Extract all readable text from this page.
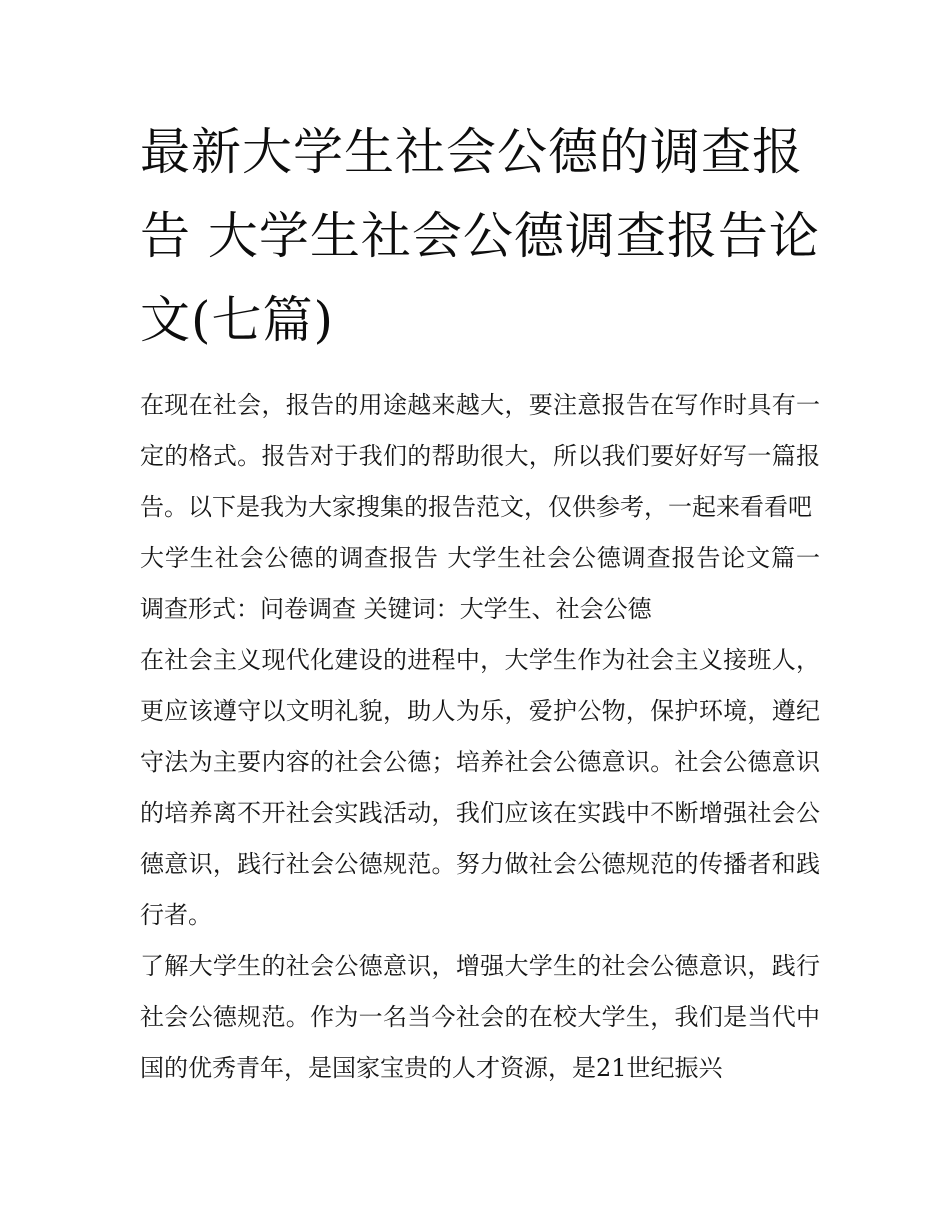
最新大学生社会公德的调查报告 大学生社会公德调查报告论文(七篇)

在现在社会，报告的用途越来越大，要注意报告在写作时具有一定的格式。报告对于我们的帮助很大，所以我们要好好写一篇报告。以下是我为大家搜集的报告范文，仅供参考，一起来看看吧

大学生社会公德的调查报告 大学生社会公德调查报告论文篇一 调查形式：问卷调查 关键词：大学生、社会公德

在社会主义现代化建设的进程中，大学生作为社会主义接班人，更应该遵守以文明礼貌，助人为乐，爱护公物，保护环境，遵纪守法为主要内容的社会公德；培养社会公德意识。社会公德意识的培养离不开社会实践活动，我们应该在实践中不断增强社会公德意识，践行社会公德规范。努力做社会公德规范的传播者和践行者。

了解大学生的社会公德意识，增强大学生的社会公德意识，践行社会公德规范。作为一名当今社会的在校大学生，我们是当代中国的优秀青年，是国家宝贵的人才资源，是21世纪振兴
